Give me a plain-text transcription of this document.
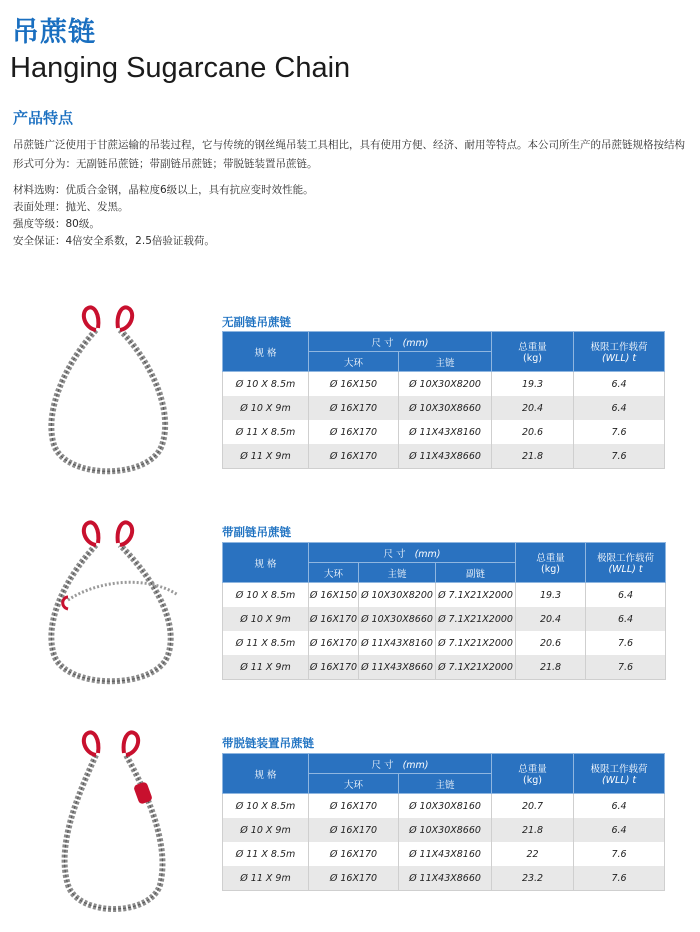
吊蔗链
Hanging Sugarcane Chain
产品特点
吊蔗链广泛使用于甘蔗运输的吊装过程，它与传统的钢丝绳吊装工具相比，具有使用方便、经济、耐用等特点。本公司所生产的吊蔗链规格按结构形式可分为：无副链吊蔗链；带副链吊蔗链；带脱链装置吊蔗链。
材料选购：优质合金钢，晶粒度6级以上，具有抗应变时效性能。
表面处理：抛光、发黑。
强度等级：80级。
安全保证：4倍安全系数，2.5倍验证载荷。
无副链吊蔗链
规 格	尺 寸 (mm)		总重量
(kg)	极限工作载荷
(WLL) t
	大环	主链		
Ø 10 X 8.5m	Ø 16X150	Ø 10X30X8200	19.3	6.4
Ø 10 X 9m	Ø 16X170	Ø 10X30X8660	20.4	6.4
Ø 11 X 8.5m	Ø 16X170	Ø 11X43X8160	20.6	7.6
Ø 11 X 9m	Ø 16X170	Ø 11X43X8660	21.8	7.6
带副链吊蔗链
规 格	尺 寸 (mm)			总重量
(kg)	极限工作载荷
(WLL) t
	大环	主链	副链		
Ø 10 X 8.5m	Ø 16X150	Ø 10X30X8200	Ø 7.1X21X2000	19.3	6.4
Ø 10 X 9m	Ø 16X170	Ø 10X30X8660	Ø 7.1X21X2000	20.4	6.4
Ø 11 X 8.5m	Ø 16X170	Ø 11X43X8160	Ø 7.1X21X2000	20.6	7.6
Ø 11 X 9m	Ø 16X170	Ø 11X43X8660	Ø 7.1X21X2000	21.8	7.6
带脱链装置吊蔗链
规 格	尺 寸 (mm)		总重量
(kg)	极限工作载荷
(WLL) t
	大环	主链		
Ø 10 X 8.5m	Ø 16X170	Ø 10X30X8160	20.7	6.4
Ø 10 X 9m	Ø 16X170	Ø 10X30X8660	21.8	6.4
Ø 11 X 8.5m	Ø 16X170	Ø 11X43X8160	22	7.6
Ø 11 X 9m	Ø 16X170	Ø 11X43X8660	23.2	7.6
